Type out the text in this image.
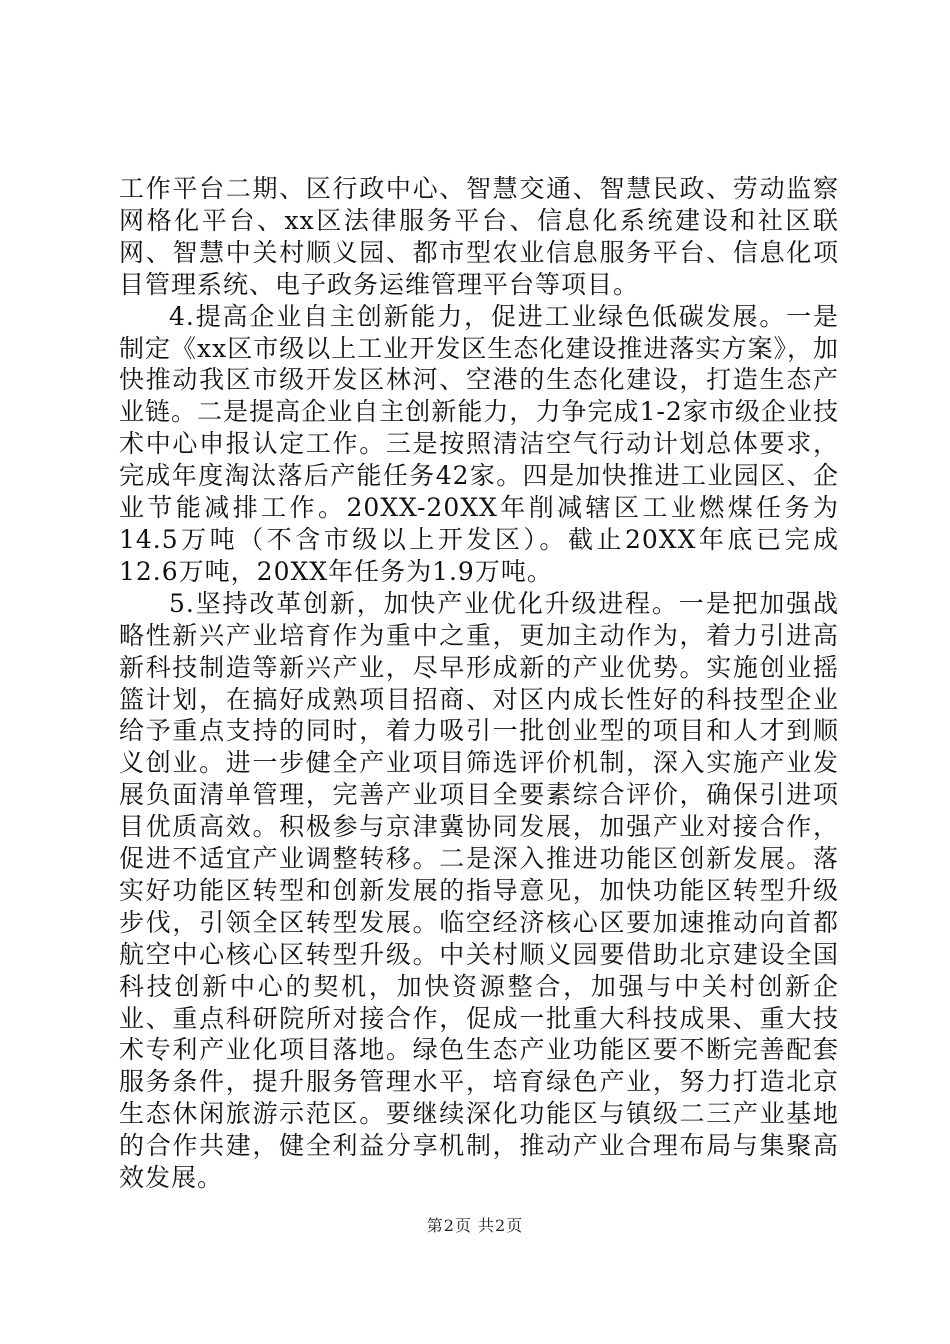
工作平台二期、区行政中心、智慧交通、智慧民政、劳动监察网格化平台、xx区法律服务平台、信息化系统建设和社区联网、智慧中关村顺义园、都市型农业信息服务平台、信息化项目管理系统、电子政务运维管理平台等项目。

4.提高企业自主创新能力，促进工业绿色低碳发展。一是制定《xx区市级以上工业开发区生态化建设推进落实方案》，加快推动我区市级开发区林河、空港的生态化建设，打造生态产业链。二是提高企业自主创新能力，力争完成1-2家市级企业技术中心申报认定工作。三是按照清洁空气行动计划总体要求，完成年度淘汰落后产能任务42家。四是加快推进工业园区、企业节能减排工作。20XX-20XX年削减辖区工业燃煤任务为14.5万吨（不含市级以上开发区）。截止20XX年底已完成12.6万吨，20XX年任务为1.9万吨。

5.坚持改革创新，加快产业优化升级进程。一是把加强战略性新兴产业培育作为重中之重，更加主动作为，着力引进高新科技制造等新兴产业，尽早形成新的产业优势。实施创业摇篮计划，在搞好成熟项目招商、对区内成长性好的科技型企业给予重点支持的同时，着力吸引一批创业型的项目和人才到顺义创业。进一步健全产业项目筛选评价机制，深入实施产业发展负面清单管理，完善产业项目全要素综合评价，确保引进项目优质高效。积极参与京津冀协同发展，加强产业对接合作，促进不适宜产业调整转移。二是深入推进功能区创新发展。落实好功能区转型和创新发展的指导意见，加快功能区转型升级步伐，引领全区转型发展。临空经济核心区要加速推动向首都航空中心核心区转型升级。中关村顺义园要借助北京建设全国科技创新中心的契机，加快资源整合，加强与中关村创新企业、重点科研院所对接合作，促成一批重大科技成果、重大技术专利产业化项目落地。绿色生态产业功能区要不断完善配套服务条件，提升服务管理水平，培育绿色产业，努力打造北京生态休闲旅游示范区。要继续深化功能区与镇级二三产业基地的合作共建，健全利益分享机制，推动产业合理布局与集聚高效发展。

第2页 共2页
